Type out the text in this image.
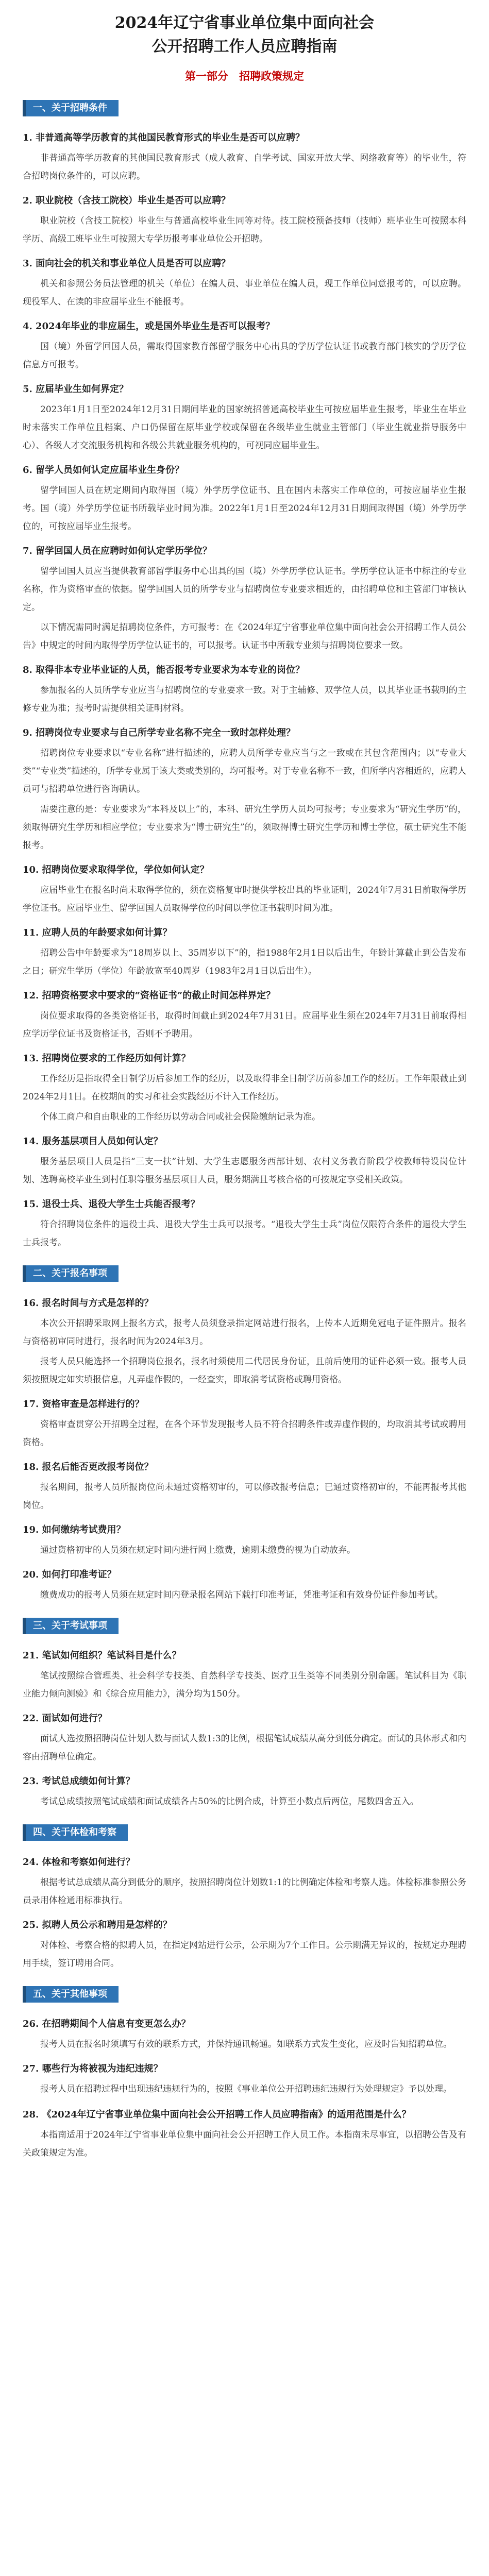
2024年辽宁省事业单位集中面向社会
公开招聘工作人员应聘指南
第一部分　招聘政策规定
一、关于招聘条件
1. 非普通高等学历教育的其他国民教育形式的毕业生是否可以应聘？
非普通高等学历教育的其他国民教育形式（成人教育、自学考试、国家开放大学、网络教育等）的毕业生，符合招聘岗位条件的，可以应聘。
2. 职业院校（含技工院校）毕业生是否可以应聘？
职业院校（含技工院校）毕业生与普通高校毕业生同等对待。技工院校预备技师（技师）班毕业生可按照本科学历、高级工班毕业生可按照大专学历报考事业单位公开招聘。
3. 面向社会的机关和事业单位人员是否可以应聘？
机关和参照公务员法管理的机关（单位）在编人员、事业单位在编人员，现工作单位同意报考的，可以应聘。现役军人、在读的非应届毕业生不能报考。
4. 2024年毕业的非应届生，或是国外毕业生是否可以报考？
国（境）外留学回国人员，需取得国家教育部留学服务中心出具的学历学位认证书或教育部门核实的学历学位信息方可报考。
5. 应届毕业生如何界定？
2023年1月1日至2024年12月31日期间毕业的国家统招普通高校毕业生可按应届毕业生报考，毕业生在毕业时未落实工作单位且档案、户口仍保留在原毕业学校或保留在各级毕业生就业主管部门（毕业生就业指导服务中心）、各级人才交流服务机构和各级公共就业服务机构的，可视同应届毕业生。
6. 留学人员如何认定应届毕业生身份？
留学回国人员在规定期间内取得国（境）外学历学位证书、且在国内未落实工作单位的，可按应届毕业生报考。国（境）外学历学位证书所载毕业时间为准。2022年1月1日至2024年12月31日期间取得国（境）外学历学位的，可按应届毕业生报考。
7. 留学回国人员在应聘时如何认定学历学位？
留学回国人员应当提供教育部留学服务中心出具的国（境）外学历学位认证书。学历学位认证书中标注的专业名称，作为资格审查的依据。留学回国人员的所学专业与招聘岗位专业要求相近的，由招聘单位和主管部门审核认定。
以下情况需同时满足招聘岗位条件，方可报考：在《2024年辽宁省事业单位集中面向社会公开招聘工作人员公告》中规定的时间内取得学历学位认证书的，可以报考。认证书中所载专业须与招聘岗位要求一致。
8. 取得非本专业毕业证的人员，能否报考专业要求为本专业的岗位？
参加报名的人员所学专业应当与招聘岗位的专业要求一致。对于主辅修、双学位人员，以其毕业证书载明的主修专业为准；报考时需提供相关证明材料。
9. 招聘岗位专业要求与自己所学专业名称不完全一致时怎样处理？
招聘岗位专业要求以“专业名称”进行描述的，应聘人员所学专业应当与之一致或在其包含范围内；以“专业大类”“专业类”描述的，所学专业属于该大类或类别的，均可报考。对于专业名称不一致，但所学内容相近的，应聘人员可与招聘单位进行咨询确认。
需要注意的是：专业要求为“本科及以上”的，本科、研究生学历人员均可报考；专业要求为“研究生学历”的，须取得研究生学历和相应学位；专业要求为“博士研究生”的，须取得博士研究生学历和博士学位，硕士研究生不能报考。
10. 招聘岗位要求取得学位，学位如何认定？
应届毕业生在报名时尚未取得学位的，须在资格复审时提供学校出具的毕业证明，2024年7月31日前取得学历学位证书。应届毕业生、留学回国人员取得学位的时间以学位证书载明时间为准。
11. 应聘人员的年龄要求如何计算？
招聘公告中年龄要求为“18周岁以上、35周岁以下”的，指1988年2月1日以后出生，年龄计算截止到公告发布之日；研究生学历（学位）年龄放宽至40周岁（1983年2月1日以后出生）。
12. 招聘资格要求中要求的“资格证书”的截止时间怎样界定？
岗位要求取得的各类资格证书，取得时间截止到2024年7月31日。应届毕业生须在2024年7月31日前取得相应学历学位证书及资格证书，否则不予聘用。
13. 招聘岗位要求的工作经历如何计算？
工作经历是指取得全日制学历后参加工作的经历，以及取得非全日制学历前参加工作的经历。工作年限截止到2024年2月1日。在校期间的实习和社会实践经历不计入工作经历。
个体工商户和自由职业的工作经历以劳动合同或社会保险缴纳记录为准。
14. 服务基层项目人员如何认定？
服务基层项目人员是指“三支一扶”计划、大学生志愿服务西部计划、农村义务教育阶段学校教师特设岗位计划、选聘高校毕业生到村任职等服务基层项目人员，服务期满且考核合格的可按规定享受相关政策。
15. 退役士兵、退役大学生士兵能否报考？
符合招聘岗位条件的退役士兵、退役大学生士兵可以报考。“退役大学生士兵”岗位仅限符合条件的退役大学生士兵报考。
二、关于报名事项
16. 报名时间与方式是怎样的？
本次公开招聘采取网上报名方式，报考人员须登录指定网站进行报名，上传本人近期免冠电子证件照片。报名与资格初审同时进行，报名时间为2024年3月。
报考人员只能选择一个招聘岗位报名，报名时须使用二代居民身份证，且前后使用的证件必须一致。报考人员须按照规定如实填报信息，凡弄虚作假的，一经查实，即取消考试资格或聘用资格。
17. 资格审查是怎样进行的？
资格审查贯穿公开招聘全过程，在各个环节发现报考人员不符合招聘条件或弄虚作假的，均取消其考试或聘用资格。
18. 报名后能否更改报考岗位？
报名期间，报考人员所报岗位尚未通过资格初审的，可以修改报考信息；已通过资格初审的，不能再报考其他岗位。
19. 如何缴纳考试费用？
通过资格初审的人员须在规定时间内进行网上缴费，逾期未缴费的视为自动放弃。
20. 如何打印准考证？
缴费成功的报考人员须在规定时间内登录报名网站下载打印准考证，凭准考证和有效身份证件参加考试。
三、关于考试事项
21. 笔试如何组织？笔试科目是什么？
笔试按照综合管理类、社会科学专技类、自然科学专技类、医疗卫生类等不同类别分别命题。笔试科目为《职业能力倾向测验》和《综合应用能力》，满分均为150分。
22. 面试如何进行？
面试人选按照招聘岗位计划人数与面试人数1:3的比例，根据笔试成绩从高分到低分确定。面试的具体形式和内容由招聘单位确定。
23. 考试总成绩如何计算？
考试总成绩按照笔试成绩和面试成绩各占50%的比例合成，计算至小数点后两位，尾数四舍五入。
四、关于体检和考察
24. 体检和考察如何进行？
根据考试总成绩从高分到低分的顺序，按照招聘岗位计划数1:1的比例确定体检和考察人选。体检标准参照公务员录用体检通用标准执行。
25. 拟聘人员公示和聘用是怎样的？
对体检、考察合格的拟聘人员，在指定网站进行公示，公示期为7个工作日。公示期满无异议的，按规定办理聘用手续，签订聘用合同。
五、关于其他事项
26. 在招聘期间个人信息有变更怎么办？
报考人员在报名时须填写有效的联系方式，并保持通讯畅通。如联系方式发生变化，应及时告知招聘单位。
27. 哪些行为将被视为违纪违规？
报考人员在招聘过程中出现违纪违规行为的，按照《事业单位公开招聘违纪违规行为处理规定》予以处理。
28. 《2024年辽宁省事业单位集中面向社会公开招聘工作人员应聘指南》的适用范围是什么？
本指南适用于2024年辽宁省事业单位集中面向社会公开招聘工作人员工作。本指南未尽事宜，以招聘公告及有关政策规定为准。
